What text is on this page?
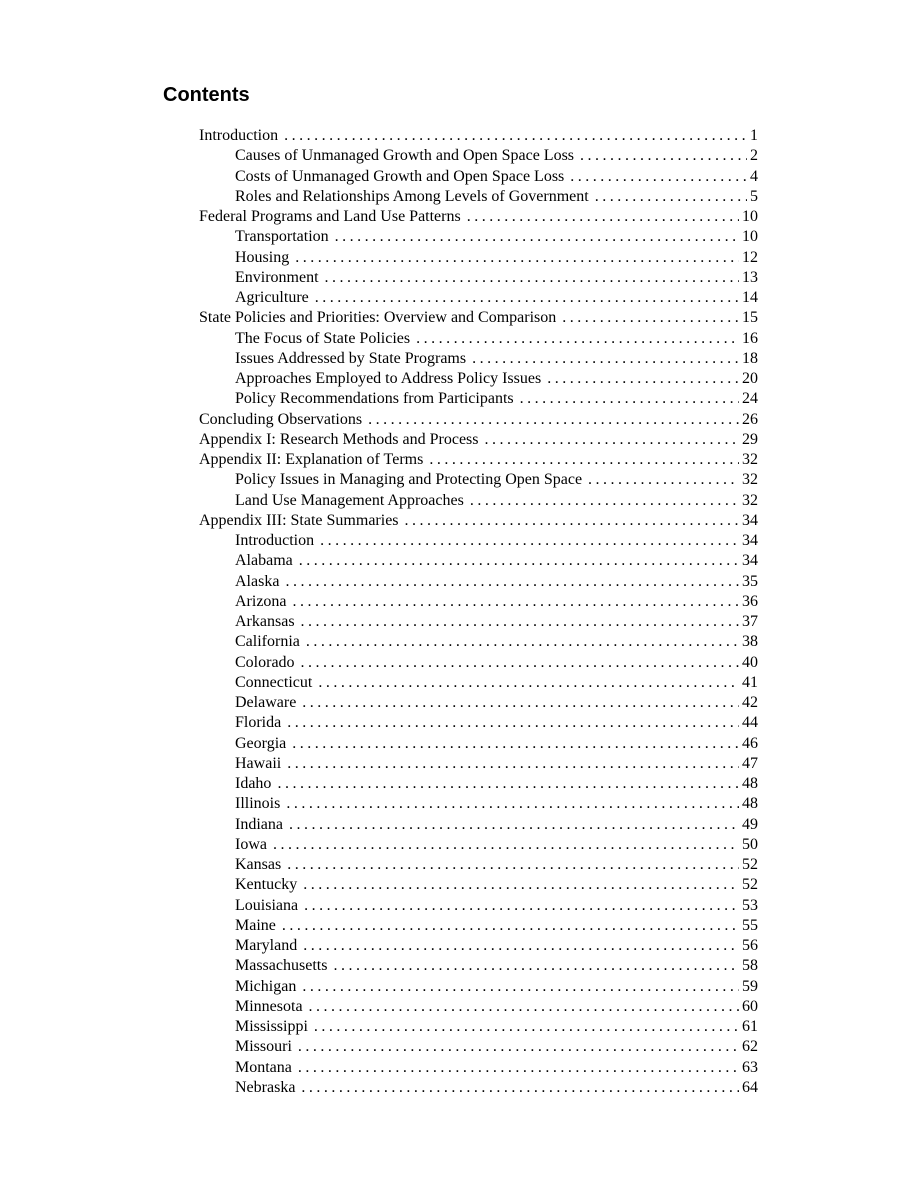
Contents
Introduction . . .	1
Causes of Unmanaged Growth and Open Space Loss . . .	2
Costs of Unmanaged Growth and Open Space Loss . . .	4
Roles and Relationships Among Levels of Government . . .	5
Federal Programs and Land Use Patterns . . .	10
Transportation . . .	10
Housing . . .	12
Environment . . .	13
Agriculture . . .	14
State Policies and Priorities: Overview and Comparison . . .	15
The Focus of State Policies . . .	16
Issues Addressed by State Programs . . .	18
Approaches Employed to Address Policy Issues . . .	20
Policy Recommendations from Participants . . .	24
Concluding Observations . . .	26
Appendix I: Research Methods and Process . . .	29
Appendix II: Explanation of Terms . . .	32
Policy Issues in Managing and Protecting Open Space . . .	32
Land Use Management Approaches . . .	32
Appendix III: State Summaries . . .	34
Introduction . . .	34
Alabama . . .	34
Alaska . . .	35
Arizona . . .	36
Arkansas . . .	37
California . . .	38
Colorado . . .	40
Connecticut . . .	41
Delaware . . .	42
Florida . . .	44
Georgia . . .	46
Hawaii . . .	47
Idaho . . .	48
Illinois . . .	48
Indiana . . .	49
Iowa . . .	50
Kansas . . .	52
Kentucky . . .	52
Louisiana . . .	53
Maine . . .	55
Maryland . . .	56
Massachusetts . . .	58
Michigan . . .	59
Minnesota . . .	60
Mississippi . . .	61
Missouri . . .	62
Montana . . .	63
Nebraska . . .	64
